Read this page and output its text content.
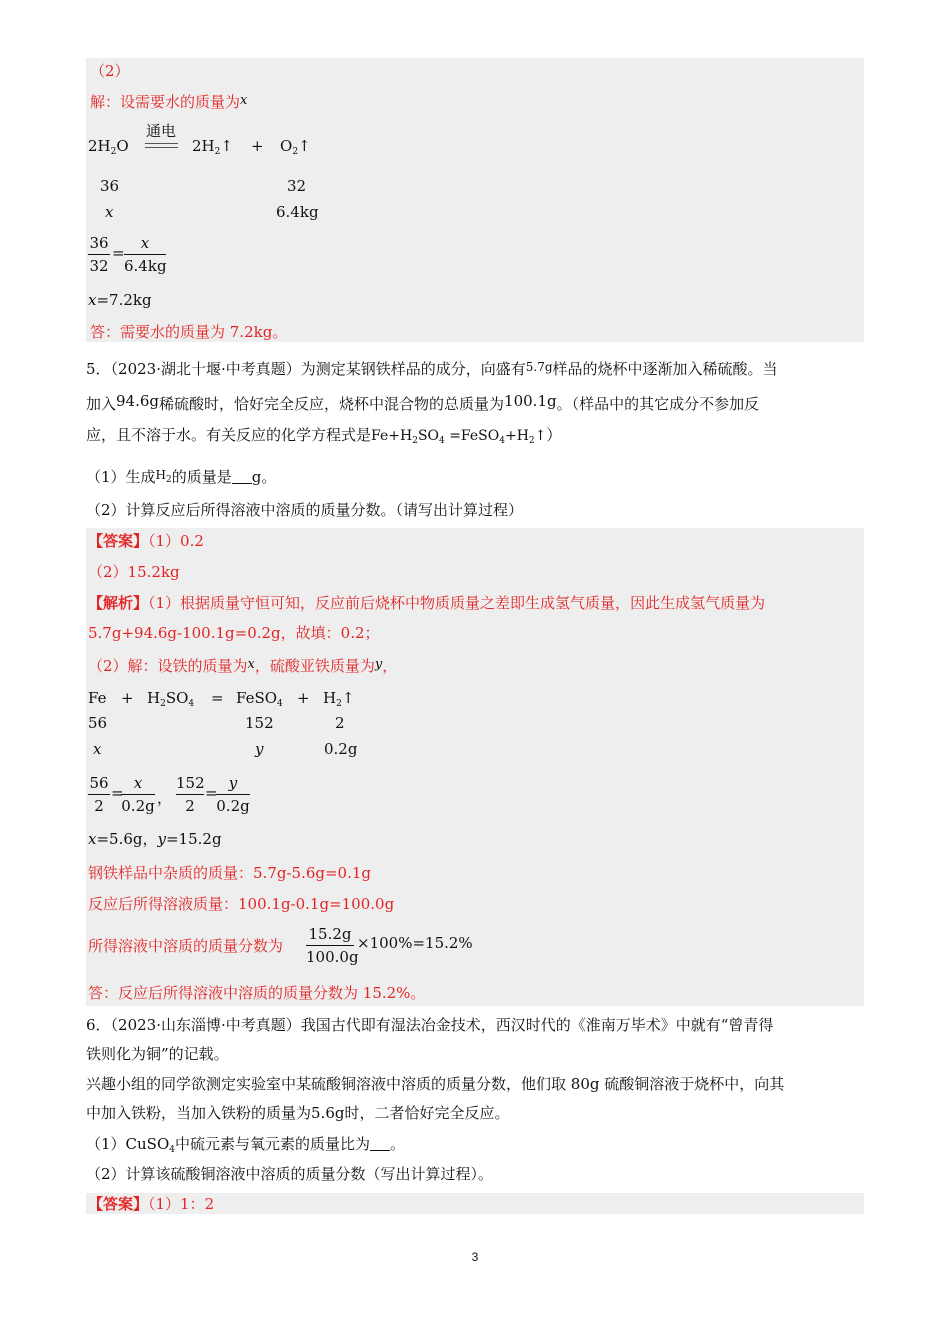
（2）
解：设需要水的质量为x
$2H_2O$
通电
$2H_2↑$ + $O_2↑$
36	32
x	6.4kg
$\frac{36}{32} = \frac{x}{6.4kg}$
x=7.2kg
答：需要水的质量为 7.2kg。
5．（2023·湖北十堰·中考真题）为测定某钢铁样品的成分，向盛有$^{5.7g}$样品的烧杯中逐渐加入稀硫酸。当
加入94.6g稀硫酸时，恰好完全反应，烧杯中混合物的总质量为100.1g。（样品中的其它成分不参加反
应，且不溶于水。有关反应的化学方程式是$Fe+H_2SO_4$ $=FeSO_4+H_2↑$）
（1）生成$^{H_2}$的质量是 g。
（2）计算反应后所得溶液中溶质的质量分数。（请写出计算过程）
【答案】（1）0.2
（2）15.2kg
【解析】（1）根据质量守恒可知，反应前后烧杯中物质质量之差即生成氢气质量，因此生成氢气质量为
5.7g+94.6g-100.1g=0.2g，故填：0.2；
（2）解：设铁的质量为x，硫酸亚铁质量为y，
$Fe + H_2SO_4$ = FeSO$_4$ + $H_2↑$
56	152	2
x	y	0.2g
$\frac{56}{2}$ =
$\frac{x}{0.2g}$ ， $\frac{152}{2}$ =
$\frac{y}{0.2g}$
x=5.6g，y=15.2g
钢铁样品中杂质的质量：5.7g-5.6g=0.1g
反应后所得溶液质量：100.1g-0.1g=100.0g
所得溶液中溶质的质量分数为 $\frac{15.2g}{100.0g} \times 100\%=15.2\%$
答：反应后所得溶液中溶质的质量分数为 15.2%。
6．（2023·山东淄博·中考真题）我国古代即有湿法冶金技术，西汉时代的《淮南万毕术》中就有“曾青得
铁则化为铜”的记载。
兴趣小组的同学欲测定实验室中某硫酸铜溶液中溶质的质量分数，他们取 80g 硫酸铜溶液于烧杯中，向其
中加入铁粉，当加入铁粉的质量为5.6g时，二者恰好完全反应。
（1）CuSO$_4$中硫元素与氧元素的质量比为 。
（2）计算该硫酸铜溶液中溶质的质量分数（写出计算过程）。
【答案】（1）1：2
3
